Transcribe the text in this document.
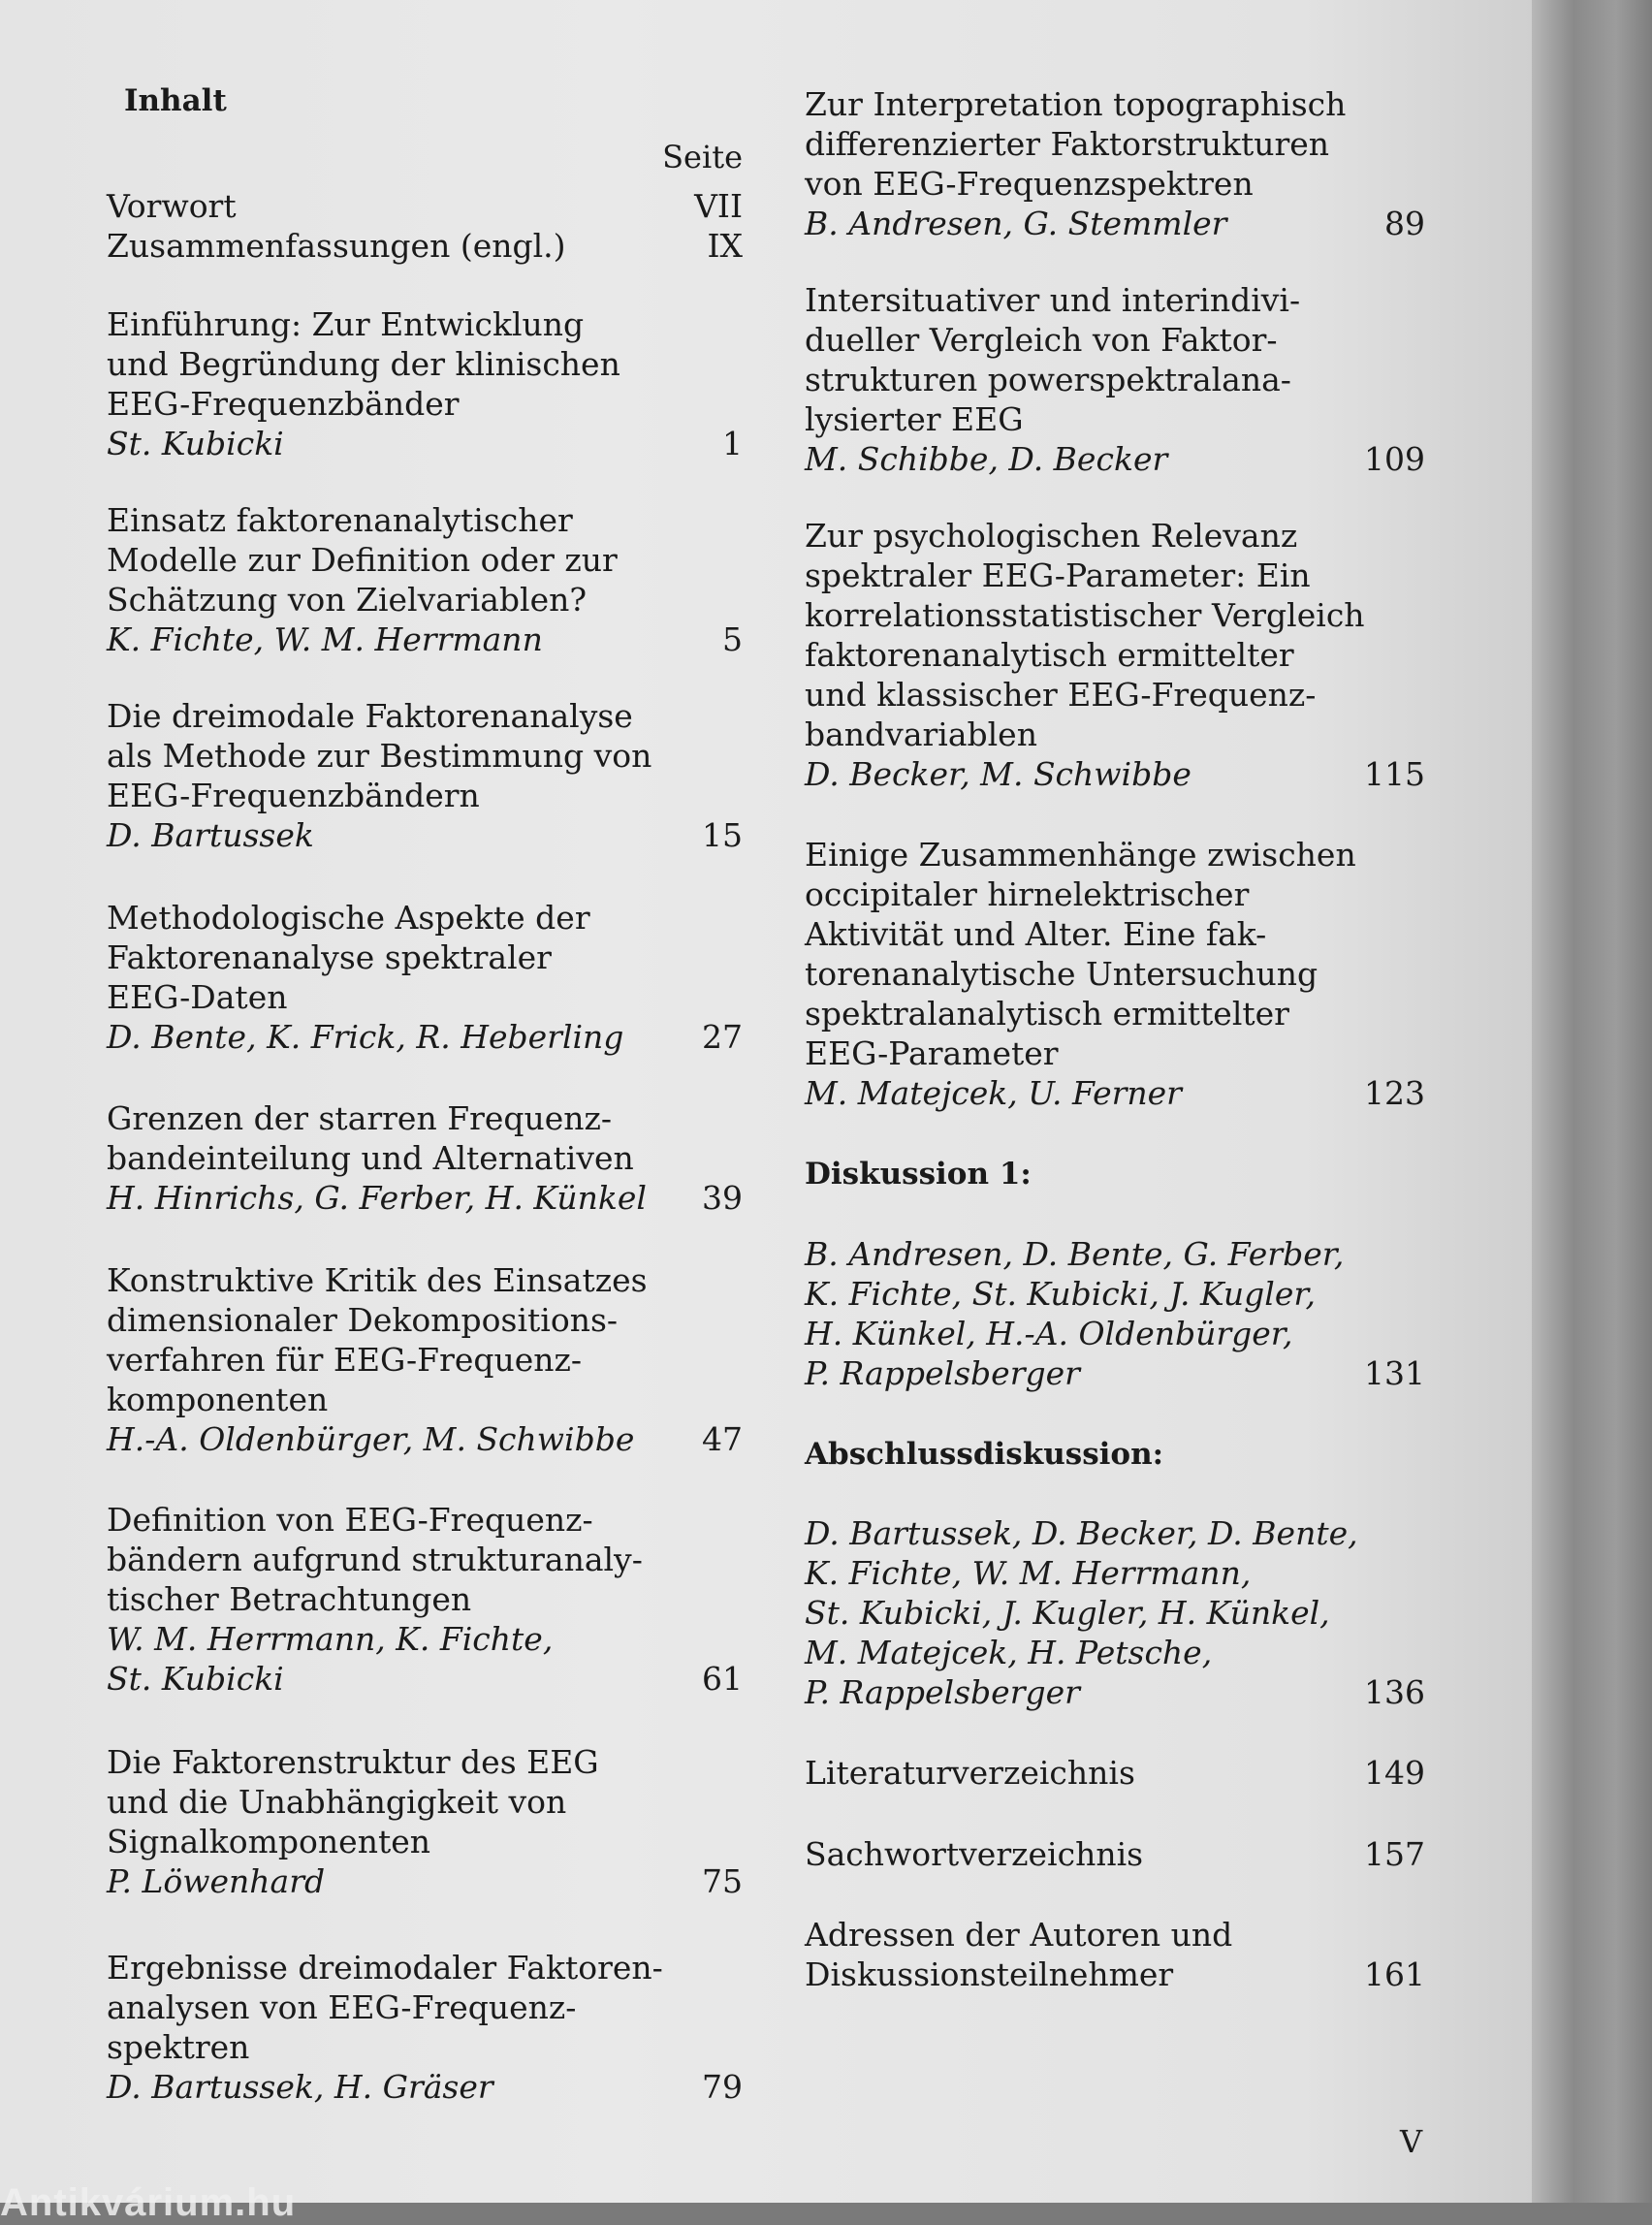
Inhalt
Seite
Vorwort	VII
Zusammenfassungen (engl.)	IX
Einführung: Zur Entwicklung
und Begründung der klinischen
EEG-Frequenzbänder
St. Kubicki	1
Einsatz faktorenanalytischer
Modelle zur Definition oder zur
Schätzung von Zielvariablen?
K. Fichte, W. M. Herrmann	5
Die dreimodale Faktorenanalyse
als Methode zur Bestimmung von
EEG-Frequenzbändern
D. Bartussek	15
Methodologische Aspekte der
Faktorenanalyse spektraler
EEG-Daten
D. Bente, K. Frick, R. Heberling 27
Grenzen der starren Frequenz-
bandeinteilung und Alternativen
H. Hinrichs, G. Ferber, H. Künkel 39
Konstruktive Kritik des Einsatzes
dimensionaler Dekompositions-
verfahren für EEG-Frequenz-
komponenten
H.-A. Oldenbürger, M. Schwibbe 47
Definition von EEG-Frequenz-
bändern aufgrund strukturanaly-
tischer Betrachtungen
W. M. Herrmann, K. Fichte,
St. Kubicki	61
Die Faktorenstruktur des EEG
und die Unabhängigkeit von
Signalkomponenten
P. Löwenhard	75
Ergebnisse dreimodaler Faktoren-
analysen von EEG-Frequenz-
spektren
D. Bartussek, H. Gräser	79
Zur Interpretation topographisch
differenzierter Faktorstrukturen
von EEG-Frequenzspektren
B. Andresen, G. Stemmler	89
Intersituativer und interindivi-
dueller Vergleich von Faktor-
strukturen powerspektralana-
lysierter EEG
M. Schibbe, D. Becker	109
Zur psychologischen Relevanz
spektraler EEG-Parameter: Ein
korrelationsstatistischer Vergleich
faktorenanalytisch ermittelter
und klassischer EEG-Frequenz-
bandvariablen
D. Becker, M. Schwibbe	115
Einige Zusammenhänge zwischen
occipitaler hirnelektrischer
Aktivität und Alter. Eine fak-
torenanalytische Untersuchung
spektralanalytisch ermittelter
EEG-Parameter
M. Matejcek, U. Ferner	123
Diskussion 1:
B. Andresen, D. Bente, G. Ferber,
K. Fichte, St. Kubicki, J. Kugler,
H. Künkel, H.-A. Oldenbürger,
P. Rappelsberger	131
Abschlussdiskussion:
D. Bartussek, D. Becker, D. Bente,
K. Fichte, W. M. Herrmann,
St. Kubicki, J. Kugler, H. Künkel,
M. Matejcek, H. Petsche,
P. Rappelsberger	136
Literaturverzeichnis	149
Sachwortverzeichnis	157
Adressen der Autoren und
Diskussionsteilnehmer	161
V
Antikvárium.hu
